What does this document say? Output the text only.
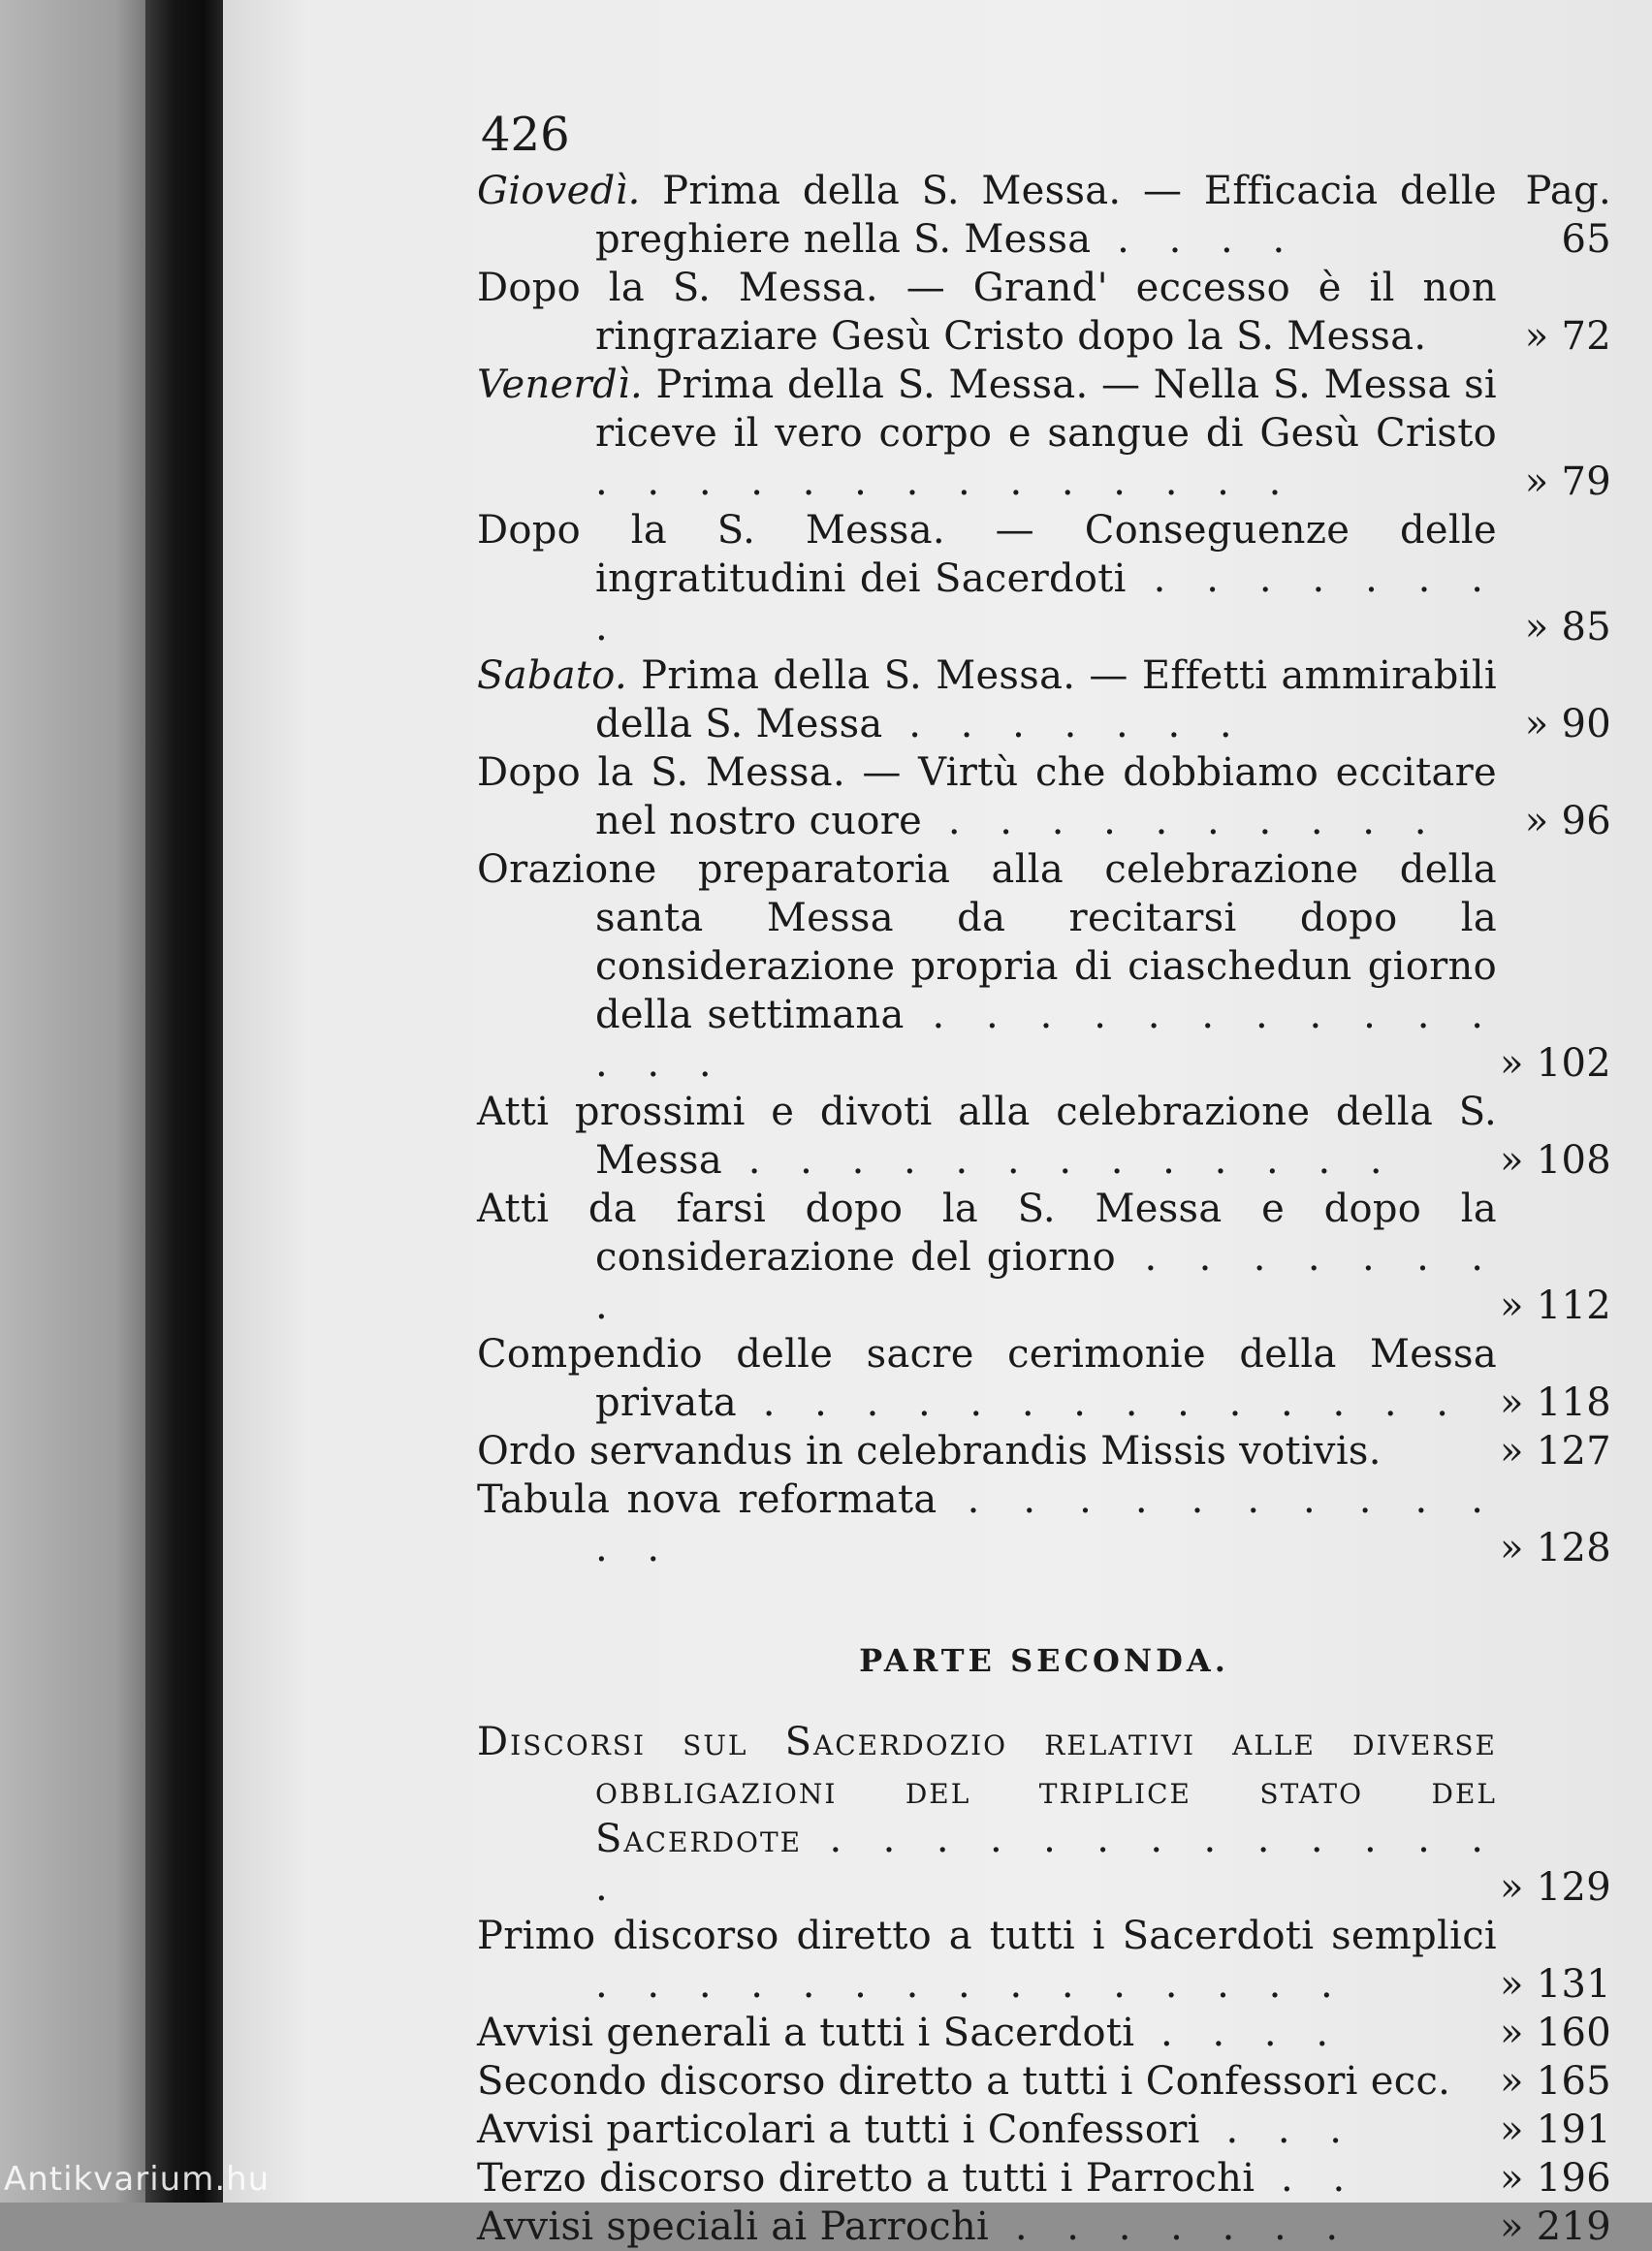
Antikvarium.hu
426
Giovedì. Prima della S. Messa. — Efficacia delle preghiere nella S. Messa . . . .
Pag. 65
Dopo la S. Messa. — Grand' eccesso è il non ringraziare Gesù Cristo dopo la S. Messa.	» 72
Venerdì. Prima della S. Messa. — Nella S. Messa si riceve il vero corpo e sangue di Gesù Cristo . . . . . . . . . . . . . .	» 79
Dopo la S. Messa. — Conseguenze delle ingratitudini dei Sacerdoti . . . . . . . .	» 85
Sabato. Prima della S. Messa. — Effetti ammirabili della S. Messa . . . . . . .	» 90
Dopo la S. Messa. — Virtù che dobbiamo eccitare nel nostro cuore . . . . . . . . . .	» 96
Orazione preparatoria alla celebrazione della santa Messa da recitarsi dopo la considerazione propria di ciaschedun giorno della settimana . . . . . . . . . . . . . .	» 102
Atti prossimi e divoti alla celebrazione della S. Messa . . . . . . . . . . . . .	» 108
Atti da farsi dopo la S. Messa e dopo la considerazione del giorno . . . . . . . .	» 112
Compendio delle sacre cerimonie della Messa privata . . . . . . . . . . . . . . » 118
Ordo servandus in celebrandis Missis votivis.	» 127
Tabula nova reformata . . . . . . . . . . . .	» 128
PARTE SECONDA.
Discorsi sul Sacerdozio relativi alle diverse obbligazioni del triplice stato del Sacerdote . . . . . . . . . . . . . .	» 129
Primo discorso diretto a tutti i Sacerdoti semplici . . . . . . . . . . . . . . .	» 131
Avvisi generali a tutti i Sacerdoti . . . .	» 160
Secondo discorso diretto a tutti i Confessori ecc. » 165
Avvisi particolari a tutti i Confessori . . .	» 191
Terzo discorso diretto a tutti i Parrochi . .	» 196
Avvisi speciali ai Parrochi . . . . . . .	» 219
